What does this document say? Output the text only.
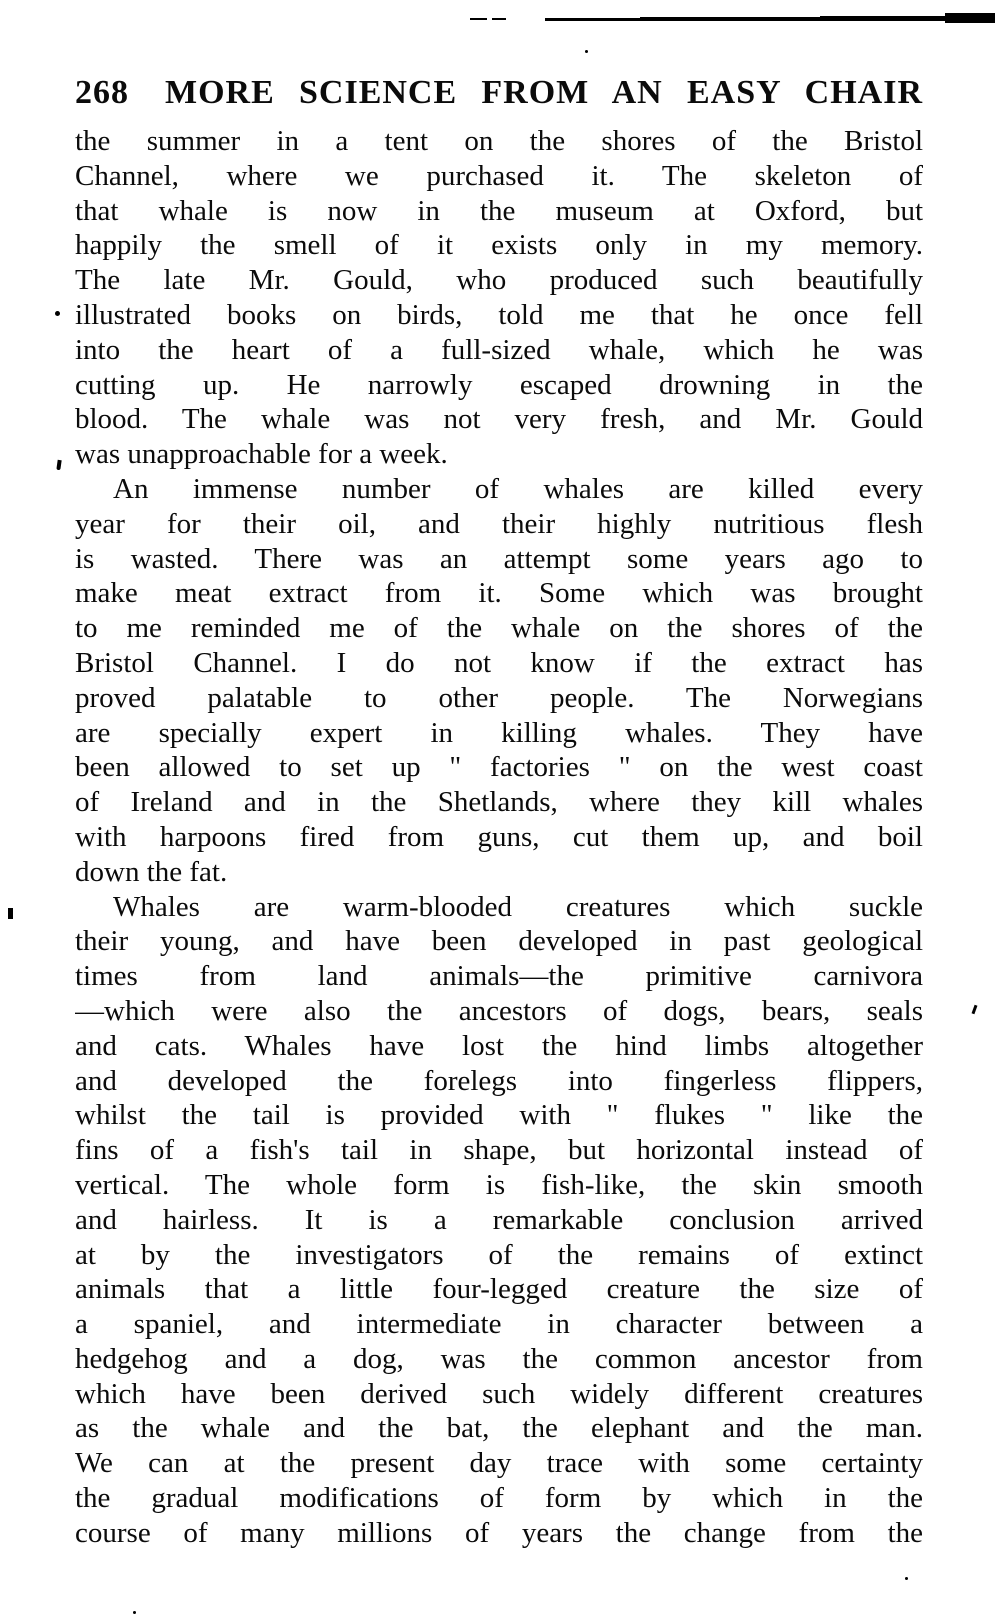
268 MORE SCIENCE FROM AN EASY CHAIR
the summer in a tent on the shores of the Bristol
Channel, where we purchased it. The skeleton of
that whale is now in the museum at Oxford, but
happily the smell of it exists only in my memory.
The late Mr. Gould, who produced such beautifully
illustrated books on birds, told me that he once fell
into the heart of a full-sized whale, which he was
cutting up. He narrowly escaped drowning in the
blood. The whale was not very fresh, and Mr. Gould
was unapproachable for a week.
An immense number of whales are killed every
year for their oil, and their highly nutritious flesh
is wasted. There was an attempt some years ago to
make meat extract from it. Some which was brought
to me reminded me of the whale on the shores of the
Bristol Channel. I do not know if the extract has
proved palatable to other people. The Norwegians
are specially expert in killing whales. They have
been allowed to set up " factories " on the west coast
of Ireland and in the Shetlands, where they kill whales
with harpoons fired from guns, cut them up, and boil
down the fat.
Whales are warm-blooded creatures which suckle
their young, and have been developed in past geological
times from land animals—the primitive carnivora
—which were also the ancestors of dogs, bears, seals
and cats. Whales have lost the hind limbs altogether
and developed the forelegs into fingerless flippers,
whilst the tail is provided with " flukes " like the
fins of a fish's tail in shape, but horizontal instead of
vertical. The whole form is fish-like, the skin smooth
and hairless. It is a remarkable conclusion arrived
at by the investigators of the remains of extinct
animals that a little four-legged creature the size of
a spaniel, and intermediate in character between a
hedgehog and a dog, was the common ancestor from
which have been derived such widely different creatures
as the whale and the bat, the elephant and the man.
We can at the present day trace with some certainty
the gradual modifications of form by which in the
course of many millions of years the change from the
